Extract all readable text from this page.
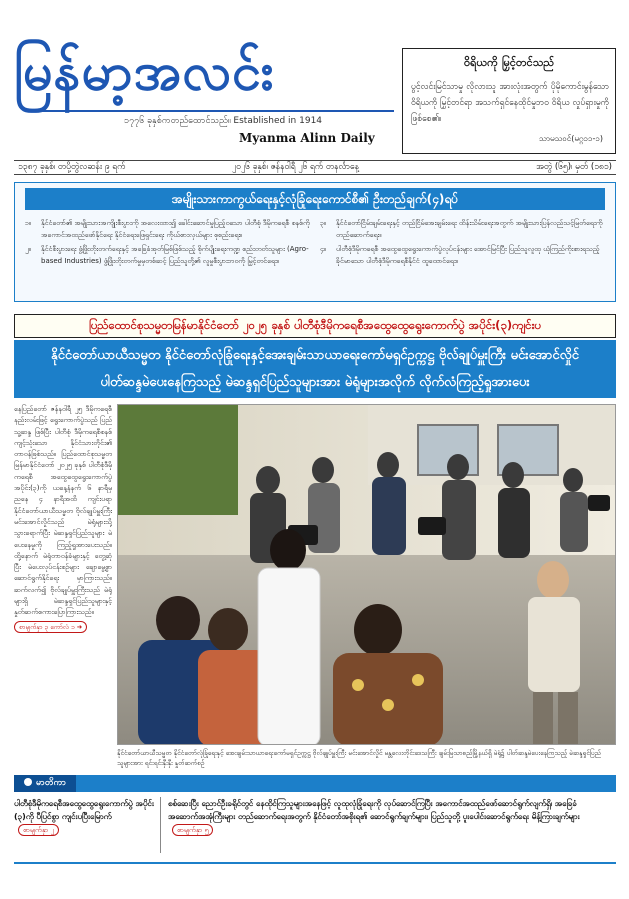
မြန်မာ့အလင်း
၁၇၇၆ ခုနှစ်ကတည်ထောင်သည်။ Established in 1914
Myanma Alinn Daily
ဝိရိယကို မြှင့်တင်သည်
ပွင့်လင်းမြင်သာမှု လိုလားသူ အားလုံးအတွက် ပိုမိုကောင်းမွန်သော ဝိရိယကို မြှင့်တင်ရာ အသက်ရှင်နေထိုင်မှုဘဝ ဝိရိယ လှုပ်ရှားမှုကို ဖြစ်စေ၏။
သာမသဝင်(မဂ္ဂ၁၁-၁)
၁၃၈၇ ခုနှစ်၊ တပို့တွဲလဆန်း ၉ ရက်	၂၀၂၆ ခုနှစ်၊ ဇန်နဝါရီ ၂၆ ရက် တနင်္လာနေ့	အတွဲ (၆၅)၊ မှတ် (၁၈၁)
အမျိုးသားကာကွယ်ရေးနှင့်လုံခြုံရေးကောင်စီ၏ ဦးတည်ချက်(၄)ရပ်
၁။	နိုင်ငံတော်၏ အမျိုးသားအကျိုးစီးပွားကို အလေးထား၍ ခေါင်းဆောင်မှုပြည့်ဝသော ပါတီစုံ ဒီမိုကရေစီ စနစ်ကို အကောင်အထည်ဖော်နိုင်ရေး နိုင်ငံရေးဖြေရှင်းရေး ကိုယ်စားလှယ်များ စုစည်းရေး။
၂။	နိုင်ငံစီးပွားရေး ဖွံ့ဖြိုးတိုးတက်ရေးနှင့် အခြေခံအုတ်မြစ်ဖြစ်သည့် စိုက်ပျိုးရေးကဏ္ဍ စည်းတတ်သူများ (Agro-based Industries) ဖွံ့ဖြိုးတိုးတက်မှုမှတစ်ဆင့် ပြည်သူတို့၏ လူမှုစီးပွားဘဝကို မြှင့်တင်ရေး။
၃။	နိုင်ငံတော်ငြိမ်းချမ်းရေးနှင့် တည်ငြိမ်အေးချမ်းရေး ထိန်းသိမ်းရေးအတွက် အမျိုးသားပြန်လည်သင့်မြတ်ရေးကို တည်ဆောက်ရေး။
၄။	ပါတီစုံဒီမိုကရေစီ အထွေထွေရွေးကောက်ပွဲလုပ်ငန်းများ အောင်မြင်ပြီး ပြည်သူလူထု ယုံကြည်ကိုးစားရသည့် ခိုင်မာသော ပါတီစုံဒီမိုကရေစီနိုင်ငံ ထူထောင်ရေး။
ပြည်ထောင်စုသမ္မတမြန်မာနိုင်ငံတော် ၂၀၂၅ ခုနှစ် ပါတီစုံဒီမိုကရေစီအထွေထွေရွေးကောက်ပွဲ အပိုင်း(၃)ကျင်းပ
နိုင်ငံတော်ယာယီသမ္မတ နိုင်ငံတော်လုံခြုံရေးနှင့်အေးချမ်းသာယာရေးကော်မရှင်ဥက္ကဋ္ဌ ဗိုလ်ချုပ်မှူးကြီး မင်းအောင်လှိုင်
ပါတ်ဆန္ဒမဲပေးနေကြသည့် မဲဆန္ဒရှင်ပြည်သူများအား မဲရုံများအလိုက် လိုက်လံကြည့်ရှုအားပေး
နေပြည်တော် ဇန်နဝါရီ ၂၅ ဒီမိုကရေစီနည်းလမ်းဖြင့် ရွေးကောက်ပွဲသည် ပြည်သူ့ဆန္ဒ ဖြစ်ပြီး ပါတီစုံ ဒီမိုကရေစီစနစ် ကျင့်သုံးသော နိုင်ငံသားတိုင်း၏ တာဝန်ဖြစ်သည်။ ပြည်ထောင်စုသမ္မတမြန်မာနိုင်ငံတော် ၂၀၂၅ ခုနှစ် ပါတီစုံဒီမိုကရေစီ အထွေထွေရွေးကောက်ပွဲ အပိုင်း(၃)ကို ယနေ့နံနက် ၆ နာရီမှ ညနေ ၄ နာရီအထိ ကျင်းပရာ နိုင်ငံတော်ယာယီသမ္မတ ဗိုလ်ချုပ်မှူးကြီး မင်းအောင်လှိုင်သည် မဲရုံများသို့ သွားရောက်ပြီး မဲဆန္ဒရှင်ပြည်သူများ မဲပေးနေမှုကို ကြည့်ရှုအားပေးသည်။ ထို့နောက် မဲရုံတာဝန်ခံများနှင့် တွေ့ဆုံပြီး မဲပေးလုပ်ငန်းစဉ်များ ချောမွေ့စွာ ဆောင်ရွက်နိုင်ရေး မှာကြားသည်။ ဆက်လက်၍ ဗိုလ်ချုပ်မှူးကြီးသည် မဲရုံများရှိ မဲဆန္ဒရှင်ပြည်သူများနှင့် နှုတ်ဆက်စကားပြောကြားသည်။ စာမျက်နှာ ၃ ကော်လံ ၁ ➜
နိုင်ငံတော်ယာယီသမ္မတ နိုင်ငံတော်လုံခြုံရေးနှင့် အေးချမ်းသာယာရေးကော်မရှင်ဥက္ကဋ္ဌ ဗိုလ်ချုပ်မှူးကြီး မင်းအောင်လှိုင် မန္တလေးတိုင်းဒေသကြီး ချမ်းမြသာစည်မြို့နယ်ရှိ မဲရုံ၌ ပါတ်ဆန္ဒမဲပေးနေကြသည့် မဲဆန္ဒရှင်ပြည်သူများအား ရင်းရင်းနှီးနှီး နှုတ်ဆက်စဉ်
မာတိကာ
ပါတီစုံဒီမိုကရေစီအထွေထွေရွေးကောက်ပွဲ အပိုင်း (၃)ကို ပီပြင်စွာ ကျင်းပပြီးမြောက် စာမျက်နှာ ၂
စစ်ဆေးပြီး ညောင်ဦးခရိုင်တွင် နေထိုင်ကြသူများအနေဖြင့် လူထုလုံခြုံရေးကို လုပ်ဆောင်ကြပြီး အကောင်အထည်ဖော်ဆောင်ရွက်လျက်ရှိ၊ အခြေခံအဆောက်အအုံကြီးများ တည်ဆောက်ရေးအတွက် နိုင်ငံတော်အစိုးရ၏ ဆောင်ရွက်ချက်များ၊ ပြည်သူတို့ ပူးပေါင်းဆောင်ရွက်ရေး မိန့်ကြားချက်များ စာမျက်နှာ ၅
